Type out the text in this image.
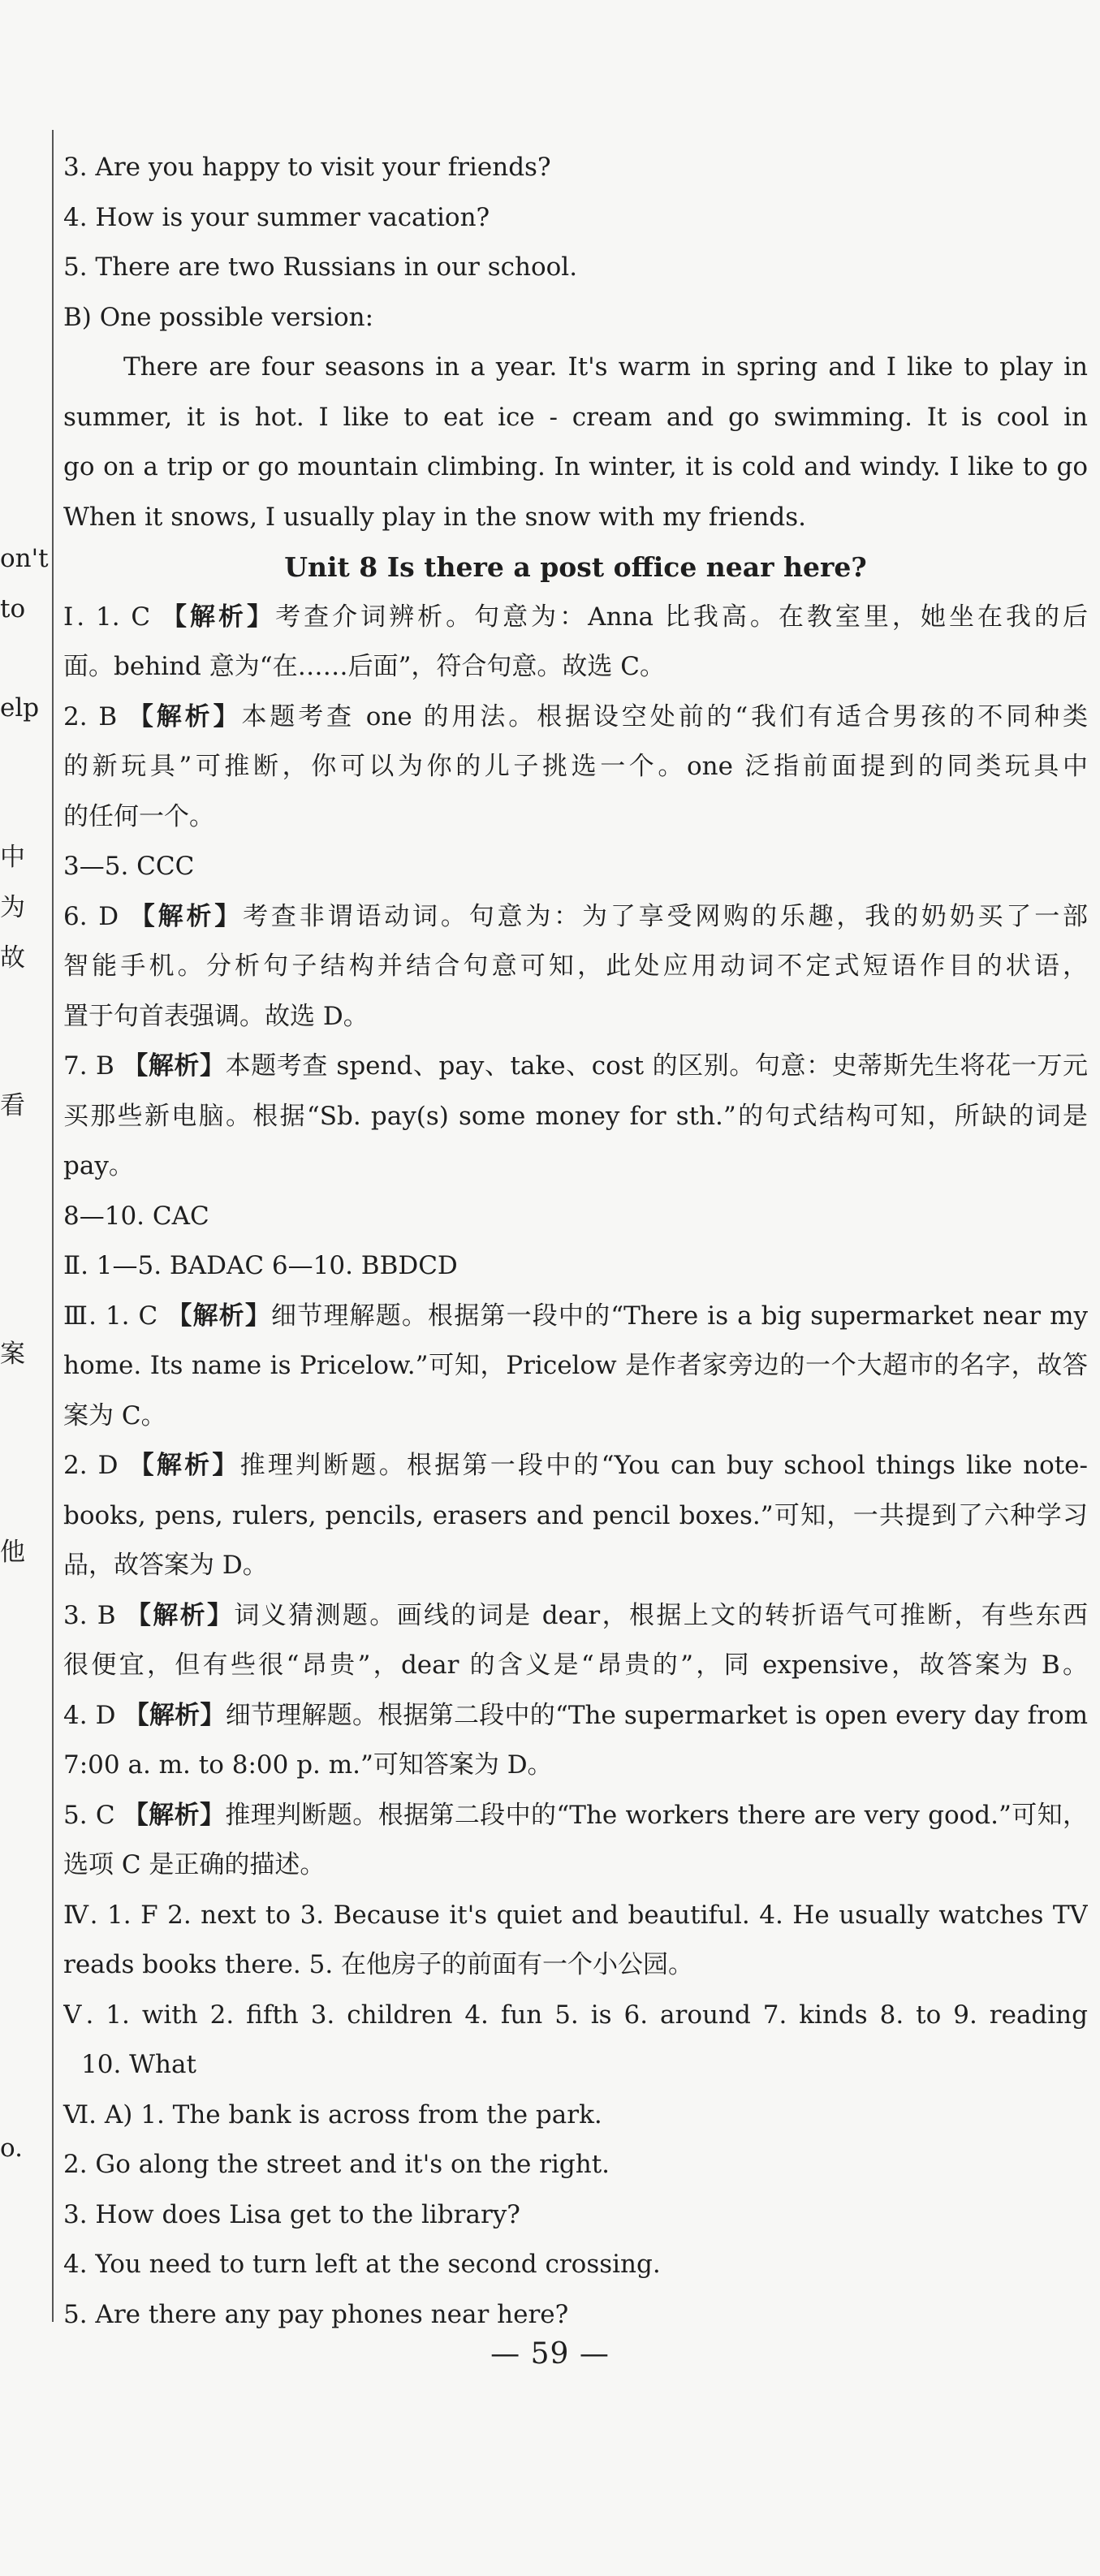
on't
to
elp
中
为
故
看
案
他
o.
3. Are you happy to visit your friends?
4. How is your summer vacation?
5. There are two Russians in our school.
B) One possible version:
There are four seasons in a year. It's warm in spring and I like to play in
summer, it is hot. I like to eat ice - cream and go swimming. It is cool in
go on a trip or go mountain climbing. In winter, it is cold and windy. I like to go
When it snows, I usually play in the snow with my friends.
Unit 8 Is there a post office near here?
Ⅰ. 1. C 【解析】考查介词辨析。句意为：Anna 比我高。在教室里，她坐在我的后
面。behind 意为“在……后面”，符合句意。故选 C。
2. B 【解析】本题考查 one 的用法。根据设空处前的“我们有适合男孩的不同种类
的新玩具”可推断，你可以为你的儿子挑选一个。one 泛指前面提到的同类玩具中
的任何一个。
3—5. CCC
6. D 【解析】考查非谓语动词。句意为：为了享受网购的乐趣，我的奶奶买了一部
智能手机。分析句子结构并结合句意可知，此处应用动词不定式短语作目的状语，
置于句首表强调。故选 D。
7. B 【解析】本题考查 spend、pay、take、cost 的区别。句意：史蒂斯先生将花一万元
买那些新电脑。根据“Sb. pay(s) some money for sth.”的句式结构可知，所缺的词是
pay。
8—10. CAC
Ⅱ. 1—5. BADAC 6—10. BBDCD
Ⅲ. 1. C 【解析】细节理解题。根据第一段中的“There is a big supermarket near my
home. Its name is Pricelow.”可知，Pricelow 是作者家旁边的一个大超市的名字，故答
案为 C。
2. D 【解析】推理判断题。根据第一段中的“You can buy school things like note-
books, pens, rulers, pencils, erasers and pencil boxes.”可知，一共提到了六种学习
品，故答案为 D。
3. B 【解析】词义猜测题。画线的词是 dear，根据上文的转折语气可推断，有些东西
很便宜，但有些很“昂贵”，dear 的含义是“昂贵的”，同 expensive，故答案为 B。
4. D 【解析】细节理解题。根据第二段中的“The supermarket is open every day from
7:00 a. m. to 8:00 p. m.”可知答案为 D。
5. C 【解析】推理判断题。根据第二段中的“The workers there are very good.”可知，
选项 C 是正确的描述。
Ⅳ. 1. F 2. next to 3. Because it's quiet and beautiful. 4. He usually watches TV
reads books there. 5. 在他房子的前面有一个小公园。
Ⅴ. 1. with 2. fifth 3. children 4. fun 5. is 6. around 7. kinds 8. to 9. reading
10. What
Ⅵ. A) 1. The bank is across from the park.
2. Go along the street and it's on the right.
3. How does Lisa get to the library?
4. You need to turn left at the second crossing.
5. Are there any pay phones near here?
— 59 —
